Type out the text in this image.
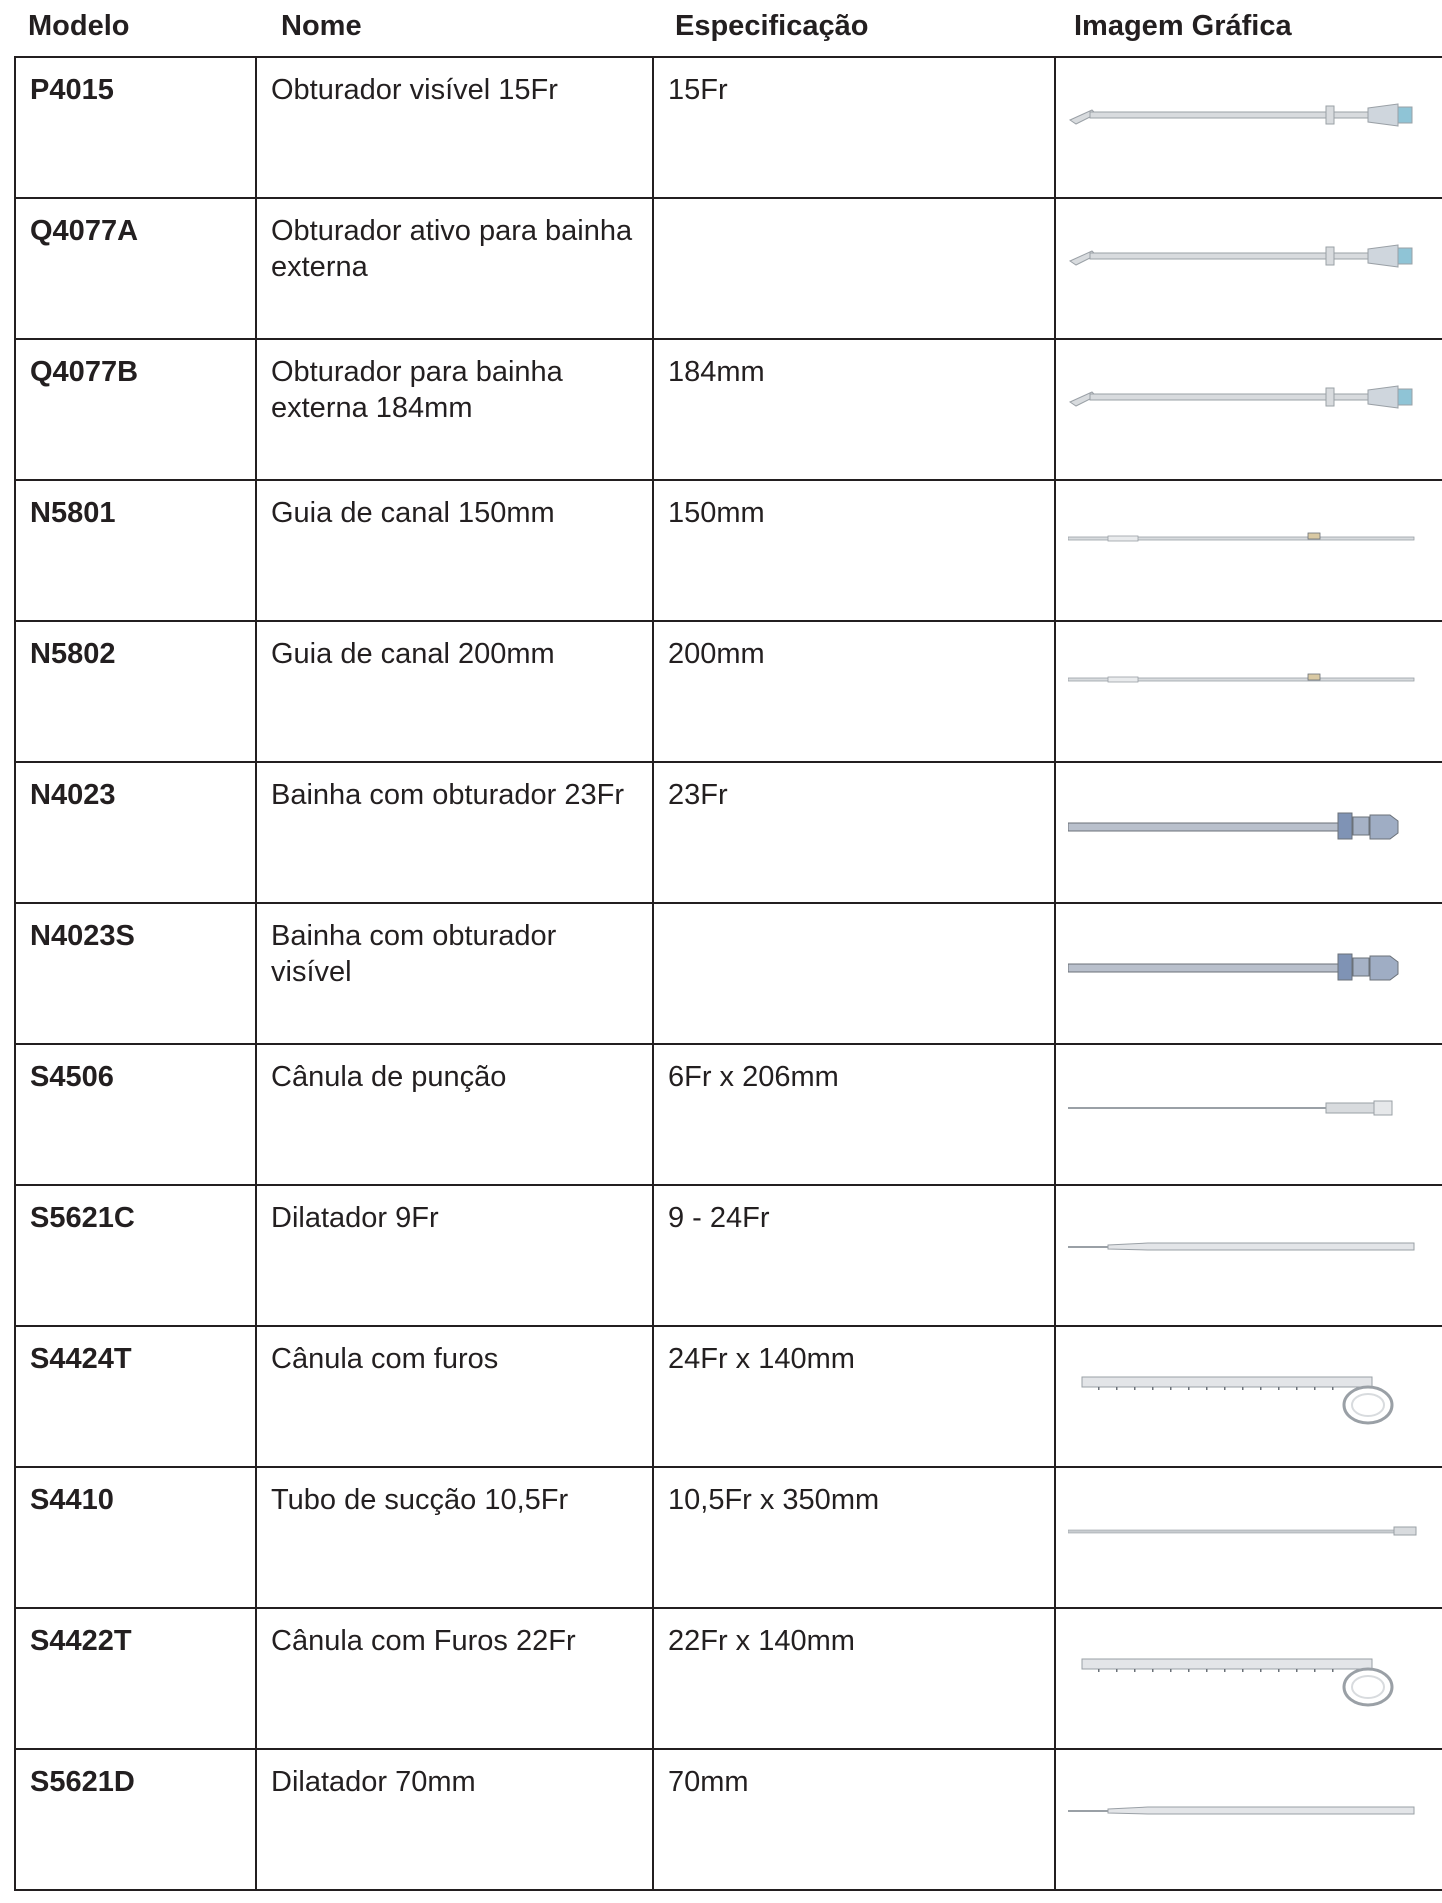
Modelo	Nome	Especificação	Imagem Gráfica
P4015	Obturador visível 15Fr	15Fr

Q4077A	Obturador ativo para bainha externa

Q4077B	Obturador para bainha externa 184mm	184mm

N5801	Guia de canal 150mm	150mm

N5802	Guia de canal 200mm	200mm

N4023	Bainha com obturador 23Fr	23Fr

N4023S	Bainha com obturador visível

S4506	Cânula de punção	6Fr x 206mm

S5621C	Dilatador 9Fr	9 - 24Fr

S4424T	Cânula com furos	24Fr x 140mm

S4410	Tubo de sucção 10,5Fr	10,5Fr x 350mm

S4422T	Cânula com Furos 22Fr	22Fr x 140mm

S5621D	Dilatador 70mm	70mm
